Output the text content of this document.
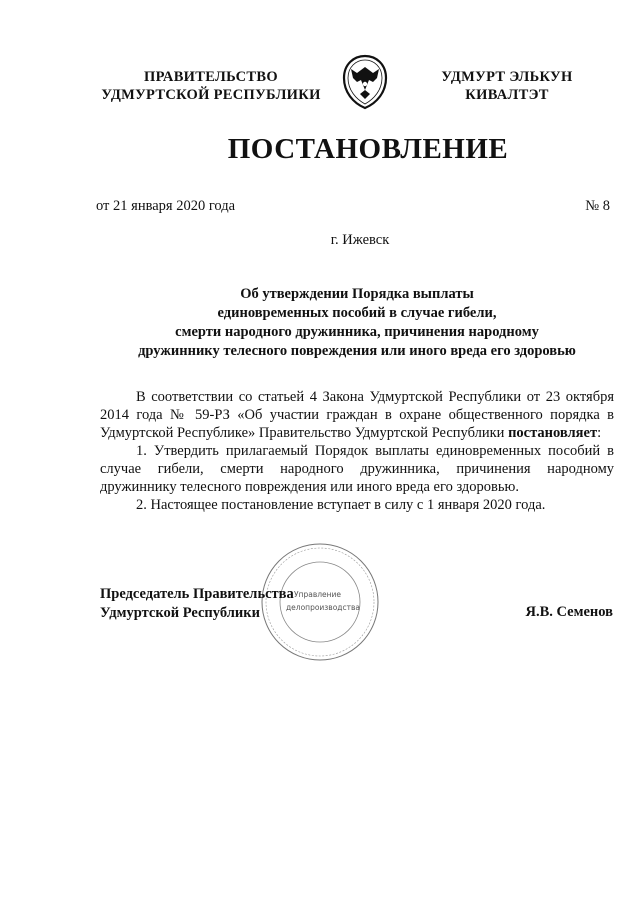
ПРАВИТЕЛЬСТВО
УДМУРТСКОЙ РЕСПУБЛИКИ
УДМУРТ ЭЛЬКУН
КИВАЛТЭТ
ПОСТАНОВЛЕНИЕ
от 21 января 2020 года	№ 8
г. Ижевск
Об утверждении Порядка выплаты
единовременных пособий в случае гибели,
смерти народного дружинника, причинения народному
дружиннику телесного повреждения или иного вреда его здоровью

В соответствии со статьей 4 Закона Удмуртской Республики от 23 октября 2014 года № 59-РЗ «Об участии граждан в охране общественного порядка в Удмуртской Республике» Правительство Удмуртской Республики постановляет:

1. Утвердить прилагаемый Порядок выплаты единовременных пособий в случае гибели, смерти народного дружинника, причинения народному дружиннику телесного повреждения или иного вреда его здоровью.

2. Настоящее постановление вступает в силу с 1 января 2020 года.

Управление
делопроизводства
Председатель Правительства
Удмуртской Республики	Я.В. Семенов
